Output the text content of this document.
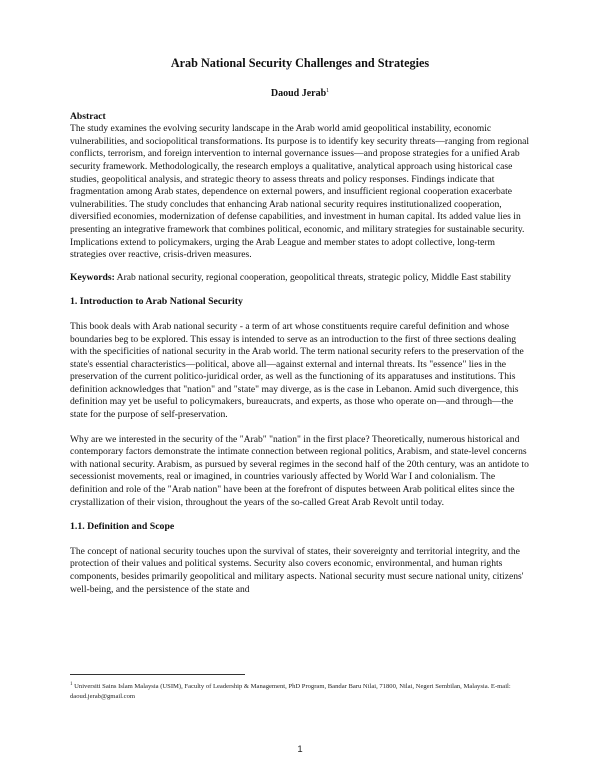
Arab National Security Challenges and Strategies
Daoud Jerab$^1$
Abstract

The study examines the evolving security landscape in the Arab world amid geopolitical instability, economic vulnerabilities, and sociopolitical transformations. Its purpose is to identify key security threats—ranging from regional conflicts, terrorism, and foreign intervention to internal governance issues—and propose strategies for a unified Arab security framework. Methodologically, the research employs a qualitative, analytical approach using historical case studies, geopolitical analysis, and strategic theory to assess threats and policy responses. Findings indicate that fragmentation among Arab states, dependence on external powers, and insufficient regional cooperation exacerbate vulnerabilities. The study concludes that enhancing Arab national security requires institutionalized cooperation, diversified economies, modernization of defense capabilities, and investment in human capital. Its added value lies in presenting an integrative framework that combines political, economic, and military strategies for sustainable security. Implications extend to policymakers, urging the Arab League and member states to adopt collective, long-term strategies over reactive, crisis-driven measures.

Keywords: Arab national security, regional cooperation, geopolitical threats, strategic policy, Middle East stability

1. Introduction to Arab National Security

This book deals with Arab national security - a term of art whose constituents require careful definition and whose boundaries beg to be explored. This essay is intended to serve as an introduction to the first of three sections dealing with the specificities of national security in the Arab world. The term national security refers to the preservation of the state's essential characteristics—political, above all—against external and internal threats. Its "essence" lies in the preservation of the current politico-juridical order, as well as the functioning of its apparatuses and institutions. This definition acknowledges that "nation" and "state" may diverge, as is the case in Lebanon. Amid such divergence, this definition may yet be useful to policymakers, bureaucrats, and experts, as those who operate on—and through—the state for the purpose of self-preservation.

Why are we interested in the security of the "Arab" "nation" in the first place? Theoretically, numerous historical and contemporary factors demonstrate the intimate connection between regional politics, Arabism, and state-level concerns with national security. Arabism, as pursued by several regimes in the second half of the 20th century, was an antidote to secessionist movements, real or imagined, in countries variously affected by World War I and colonialism. The definition and role of the "Arab nation" have been at the forefront of disputes between Arab political elites since the crystallization of their vision, throughout the years of the so-called Great Arab Revolt until today.

1.1. Definition and Scope

The concept of national security touches upon the survival of states, their sovereignty and territorial integrity, and the protection of their values and political systems. Security also covers economic, environmental, and human rights components, besides primarily geopolitical and military aspects. National security must secure national unity, citizens' well-being, and the persistence of the state and

$^1$ Universiti Sains Islam Malaysia (USIM), Faculty of Leadership & Management, PhD Program, Bandar Baru Nilai, 71800, Nilai, Negeri Sembilan, Malaysia. E-mail: daoud.jerab@gmail.com
1
